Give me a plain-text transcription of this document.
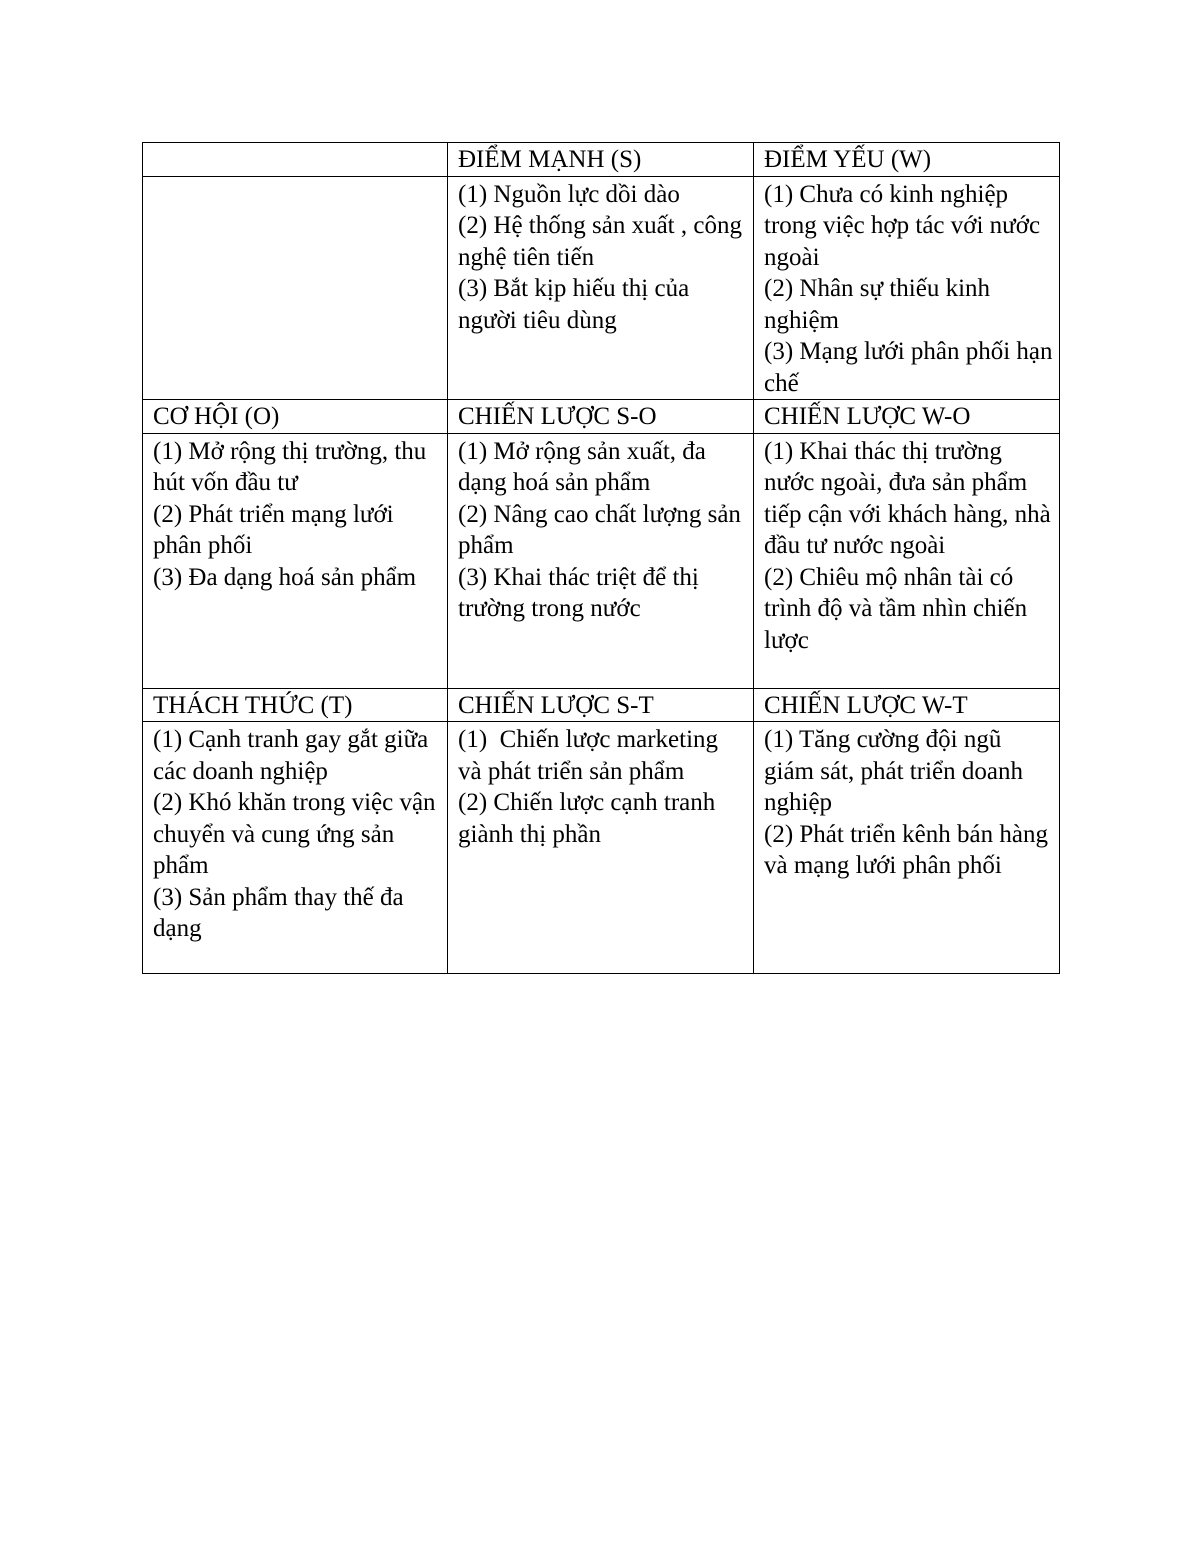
	ĐIỂM MẠNH (S)	ĐIỂM YẾU (W)

	(1) Nguồn lực dồi dào
(2) Hệ thống sản xuất , công nghệ tiên tiến
(3) Bắt kịp hiếu thị của người tiêu dùng	(1) Chưa có kinh nghiệp trong việc hợp tác với nước ngoài
(2) Nhân sự thiếu kinh nghiệm
(3) Mạng lưới phân phối hạn chế

CƠ HỘI (O)	CHIẾN LƯỢC S-O	CHIẾN LƯỢC W-O

(1) Mở rộng thị trường, thu hút vốn đầu tư
(2) Phát triển mạng lưới phân phối
(3) Đa dạng hoá sản phẩm	(1) Mở rộng sản xuất, đa dạng hoá sản phẩm
(2) Nâng cao chất lượng sản phẩm
(3) Khai thác triệt để thị trường trong nước	(1) Khai thác thị trường nước ngoài, đưa sản phẩm tiếp cận với khách hàng, nhà đầu tư nước ngoài
(2) Chiêu mộ nhân tài có trình độ và tầm nhìn chiến lược

THÁCH THỨC (T)	CHIẾN LƯỢC S-T	CHIẾN LƯỢC W-T

(1) Cạnh tranh gay gắt giữa các doanh nghiệp
(2) Khó khăn trong việc vận chuyển và cung ứng sản phẩm
(3) Sản phẩm thay thế đa dạng	(1)  Chiến lược marketing và phát triển sản phẩm
(2) Chiến lược cạnh tranh giành thị phần	(1) Tăng cường đội ngũ giám sát, phát triển doanh nghiệp
(2) Phát triển kênh bán hàng và mạng lưới phân phối
